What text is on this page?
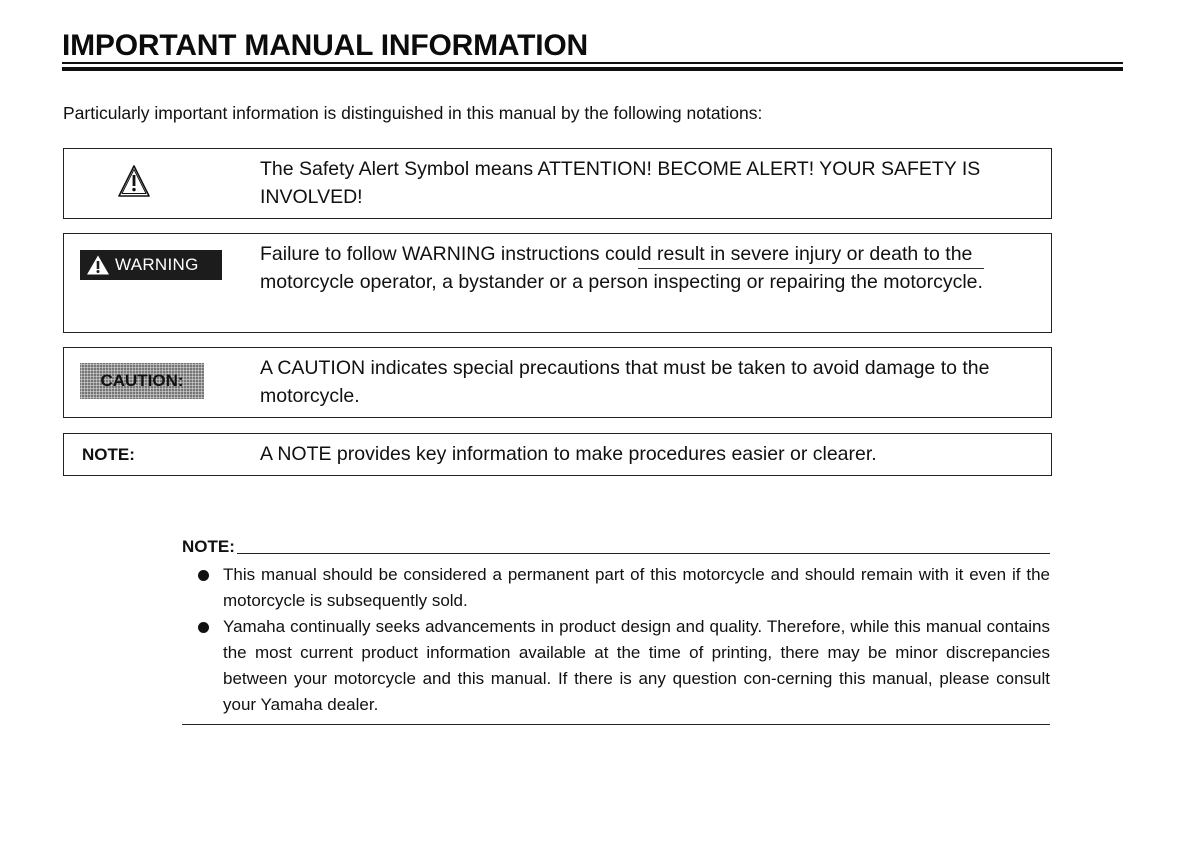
IMPORTANT MANUAL INFORMATION

Particularly important information is distinguished in this manual by the following notations:

The Safety Alert Symbol means ATTENTION! BECOME ALERT! YOUR SAFETY IS INVOLVED!
WARNING	Failure to follow WARNING instructions could result in severe injury or death to the motorcycle operator, a bystander or a person inspecting or repairing the motorcycle.
CAUTION:
A CAUTION indicates special precautions that must be taken to avoid damage to the motorcycle.
NOTE:	A NOTE provides key information to make procedures easier or clearer.
NOTE:
This manual should be considered a permanent part of this motorcycle and should remain with it even if the motorcycle is subsequently sold.
Yamaha continually seeks advancements in product design and quality. Therefore, while this manual contains the most current product information available at the time of printing, there may be minor discrepancies between your motorcycle and this manual. If there is any question con-cerning this manual, please consult your Yamaha dealer.
